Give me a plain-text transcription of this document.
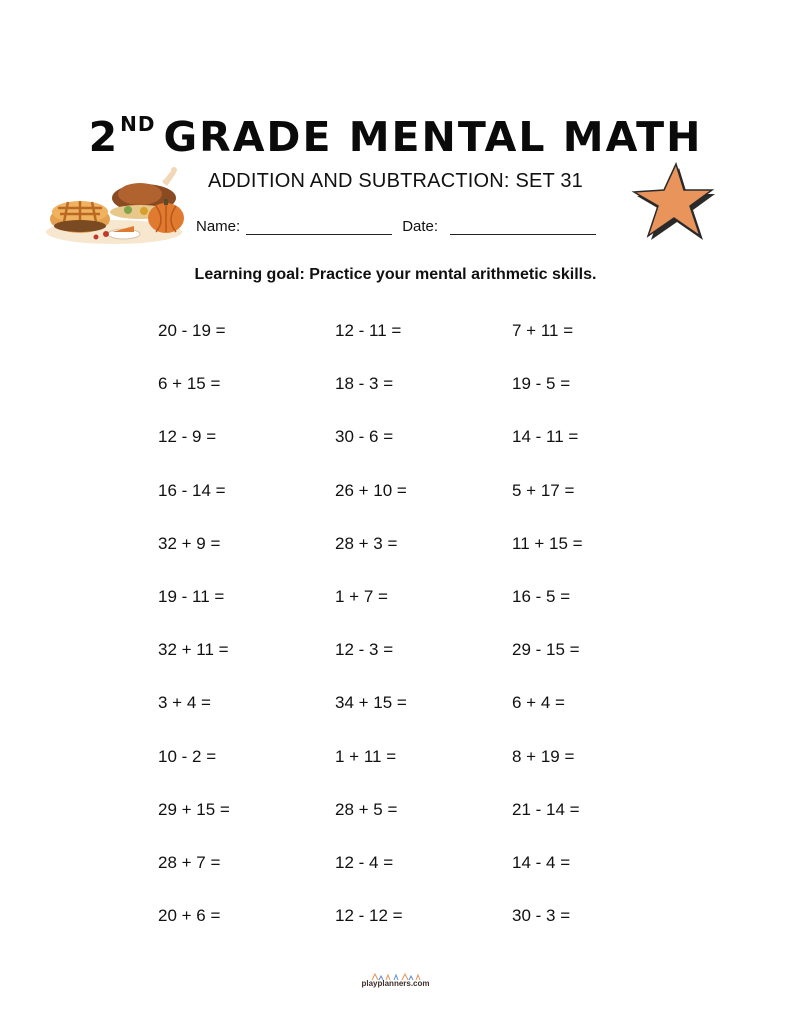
2ND GRADE MENTAL MATH
ADDITION AND SUBTRACTION: SET 31
Name:	Date:
Learning goal: Practice your mental arithmetic skills.
20 - 19 =	12 - 11 =	7 + 11 =
6 + 15 =	18 - 3 =	19 - 5 =
12 - 9 =	30 - 6 =	14 - 11 =
16 - 14 =	26 + 10 =	5 + 17 =
32 + 9 =	28 + 3 =	11 + 15 =
19 - 11 =	1 + 7 =	16 - 5 =
32 + 11 =	12 - 3 =	29 - 15 =
3 + 4 =	34 + 15 =	6 + 4 =
10 - 2 =	1 + 11 =	8 + 19 =
29 + 15 =	28 + 5 =	21 - 14 =
28 + 7 =	12 - 4 =	14 - 4 =
20 + 6 =	12 - 12 =	30 - 3 =
playplanners.com
